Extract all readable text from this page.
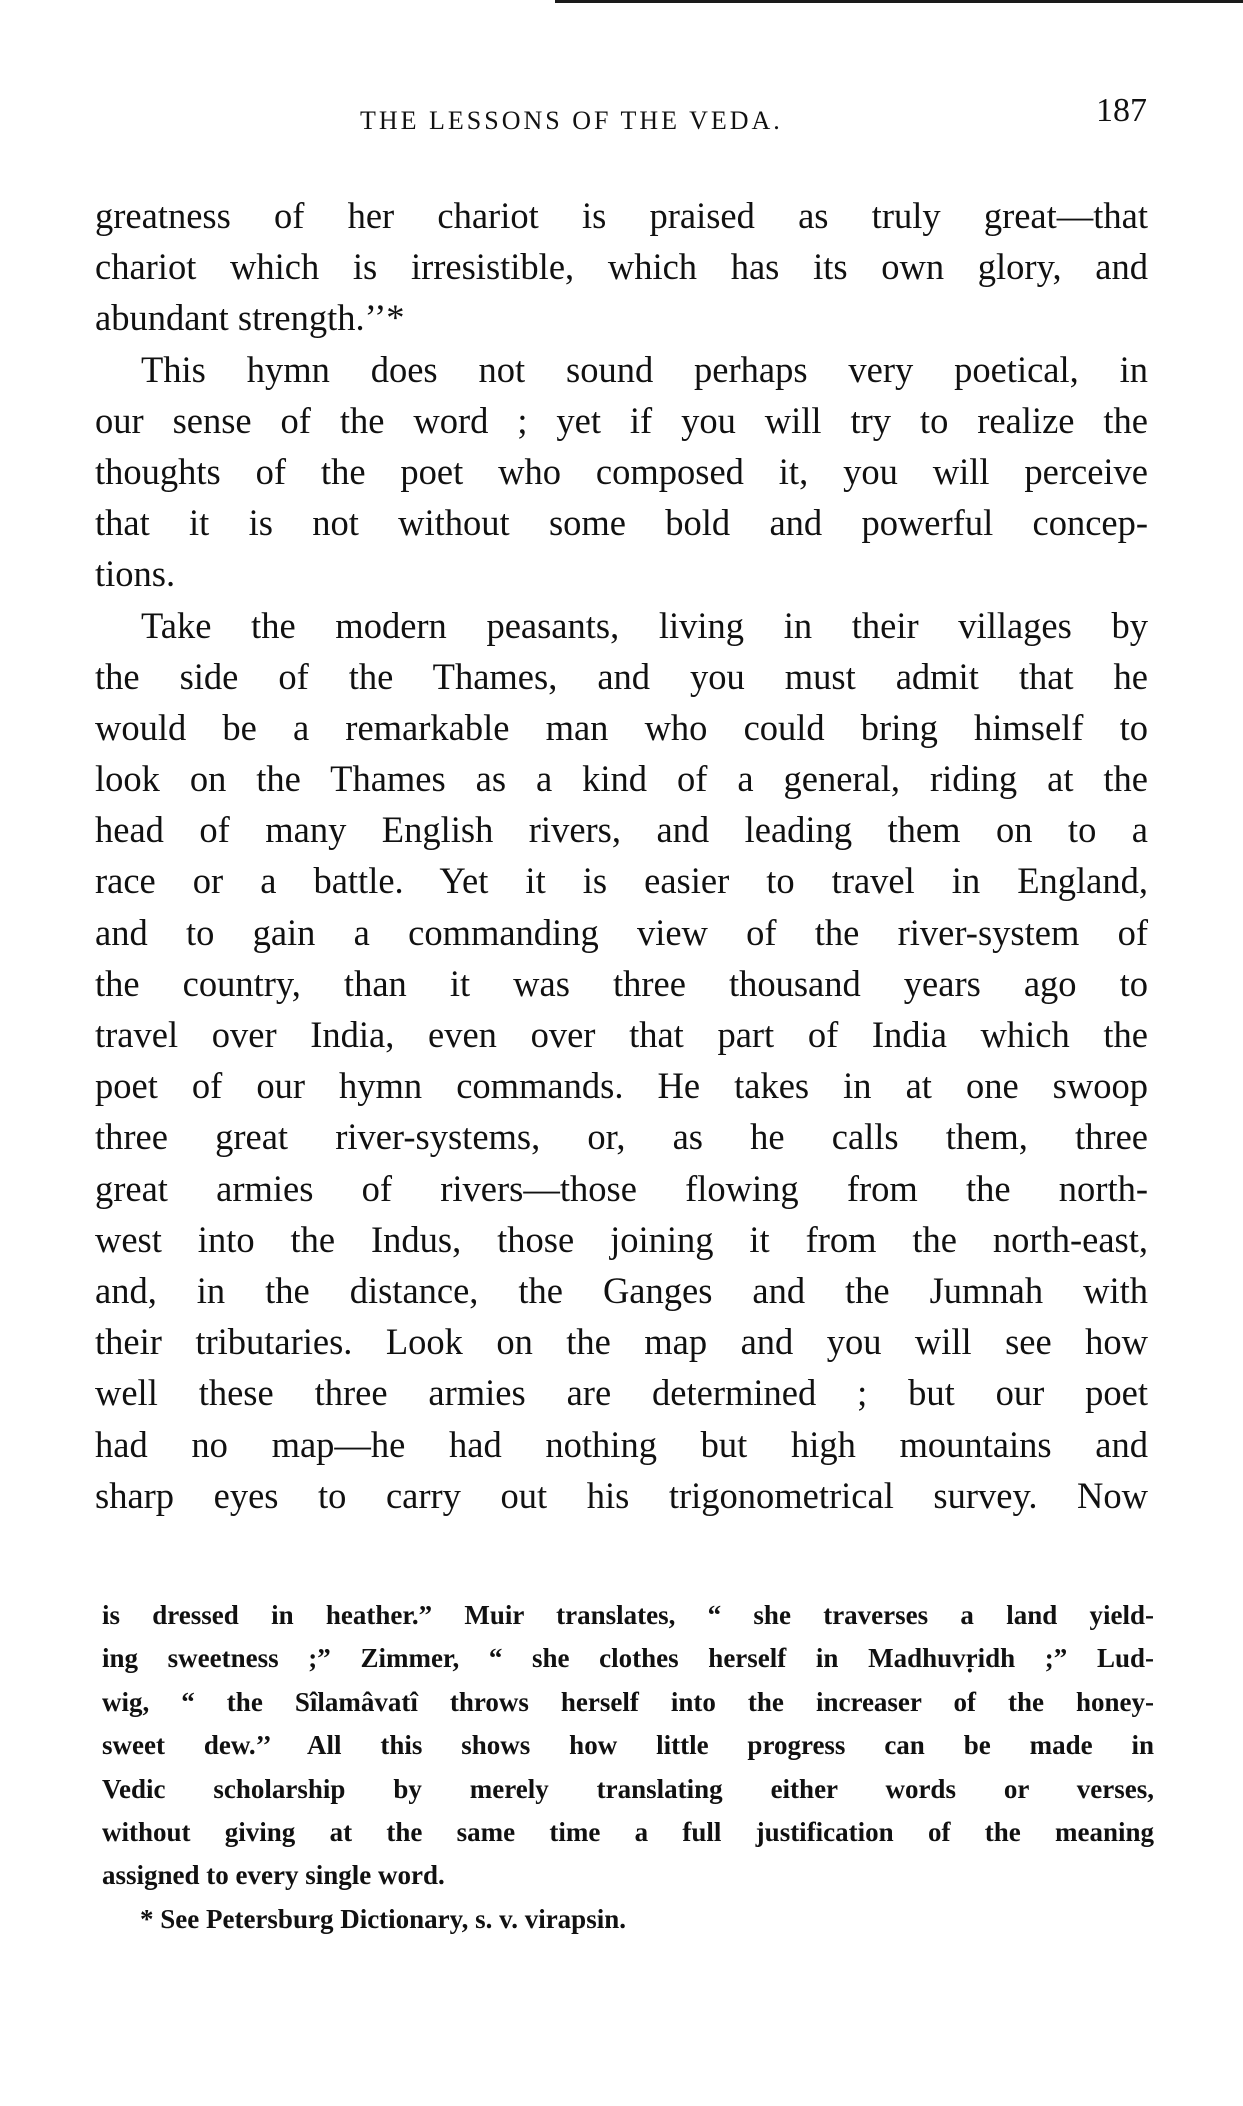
THE LESSONS OF THE VEDA.	187
greatness of her chariot is praised as truly great—that
chariot which is irresistible, which has its own glory, and
abundant strength.’’*
This hymn does not sound perhaps very poetical, in
our sense of the word ; yet if you will try to realize the
thoughts of the poet who composed it, you will perceive
that it is not without some bold and powerful concep-
tions.
Take the modern peasants, living in their villages by
the side of the Thames, and you must admit that he
would be a remarkable man who could bring himself to
look on the Thames as a kind of a general, riding at the
head of many English rivers, and leading them on to a
race or a battle. Yet it is easier to travel in England,
and to gain a commanding view of the river-system of
the country, than it was three thousand years ago to
travel over India, even over that part of India which the
poet of our hymn commands. He takes in at one swoop
three great river-systems, or, as he calls them, three
great armies of rivers—those flowing from the north-
west into the Indus, those joining it from the north-east,
and, in the distance, the Ganges and the Jumnah with
their tributaries. Look on the map and you will see how
well these three armies are determined ; but our poet
had no map—he had nothing but high mountains and
sharp eyes to carry out his trigonometrical survey. Now
is dressed in heather.” Muir translates, “ she traverses a land yield-
ing sweetness ;” Zimmer, “ she clothes herself in Madhuvṛidh ;” Lud-
wig, “ the Sîlamâvatî throws herself into the increaser of the honey-
sweet dew.’’ All this shows how little progress can be made in
Vedic scholarship by merely translating either words or verses,
without giving at the same time a full justification of the meaning
assigned to every single word.
* See Petersburg Dictionary, s. v. virapsin.
